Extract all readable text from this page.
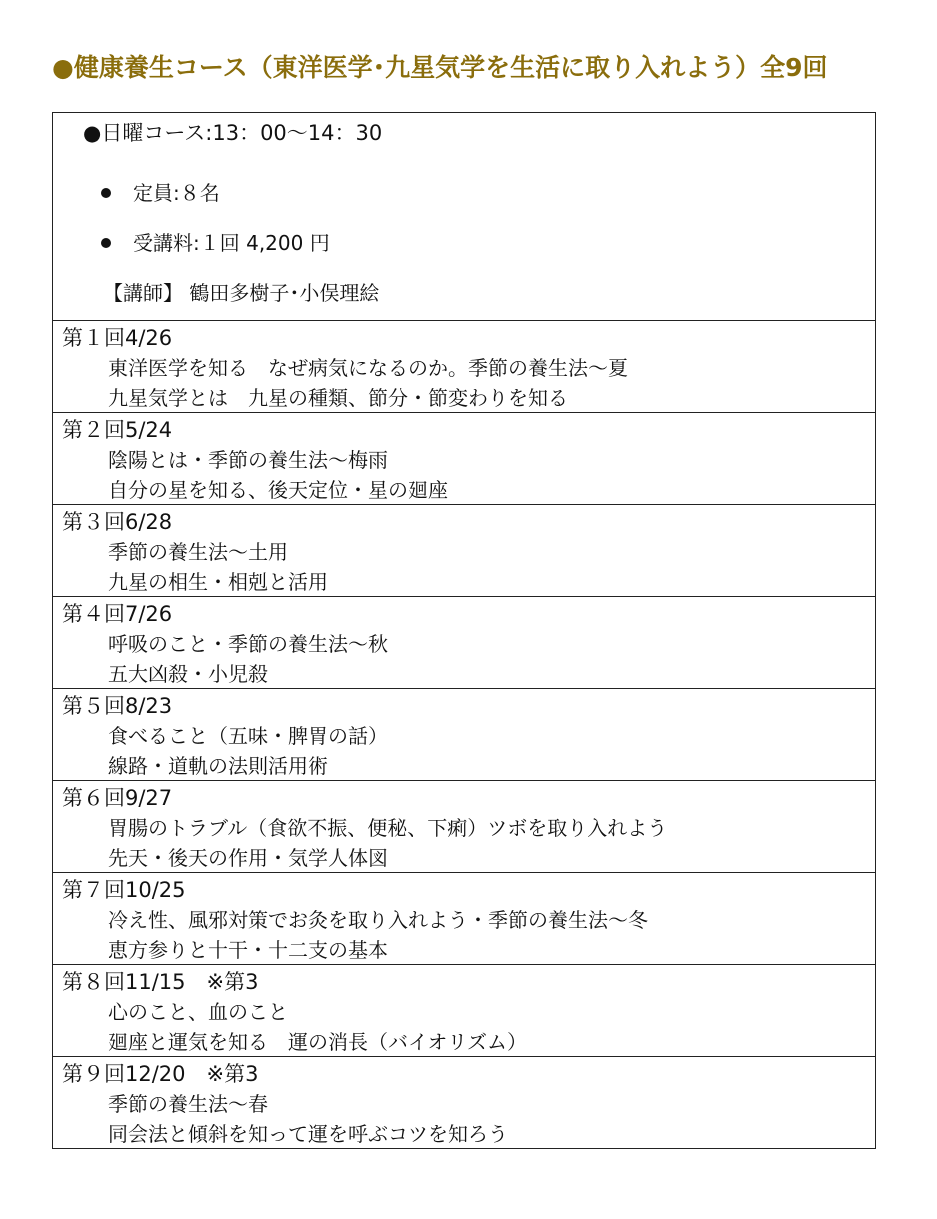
●健康養生コース（東洋医学･九星気学を生活に取り入れよう）全9回
●日曜コース:13：00～14：30
定員:８名
受講料:１回 4,200 円
【講師】 鶴田多樹子･小俣理絵
第１回4/26
東洋医学を知る　なぜ病気になるのか。季節の養生法～夏
九星気学とは　九星の種類、節分・節変わりを知る
第２回5/24
陰陽とは・季節の養生法～梅雨
自分の星を知る、後天定位・星の廻座
第３回6/28
季節の養生法～土用
九星の相生・相剋と活用
第４回7/26
呼吸のこと・季節の養生法～秋
五大凶殺・小児殺
第５回8/23
食べること（五味・脾胃の話）
線路・道軌の法則活用術
第６回9/27
胃腸のトラブル（食欲不振、便秘、下痢）ツボを取り入れよう
先天・後天の作用・気学人体図
第７回10/25
冷え性、風邪対策でお灸を取り入れよう・季節の養生法～冬
恵方参りと十干・十二支の基本
第８回11/15　※第3
心のこと、血のこと
廻座と運気を知る　運の消長（バイオリズム）
第９回12/20　※第3
季節の養生法～春
同会法と傾斜を知って運を呼ぶコツを知ろう
